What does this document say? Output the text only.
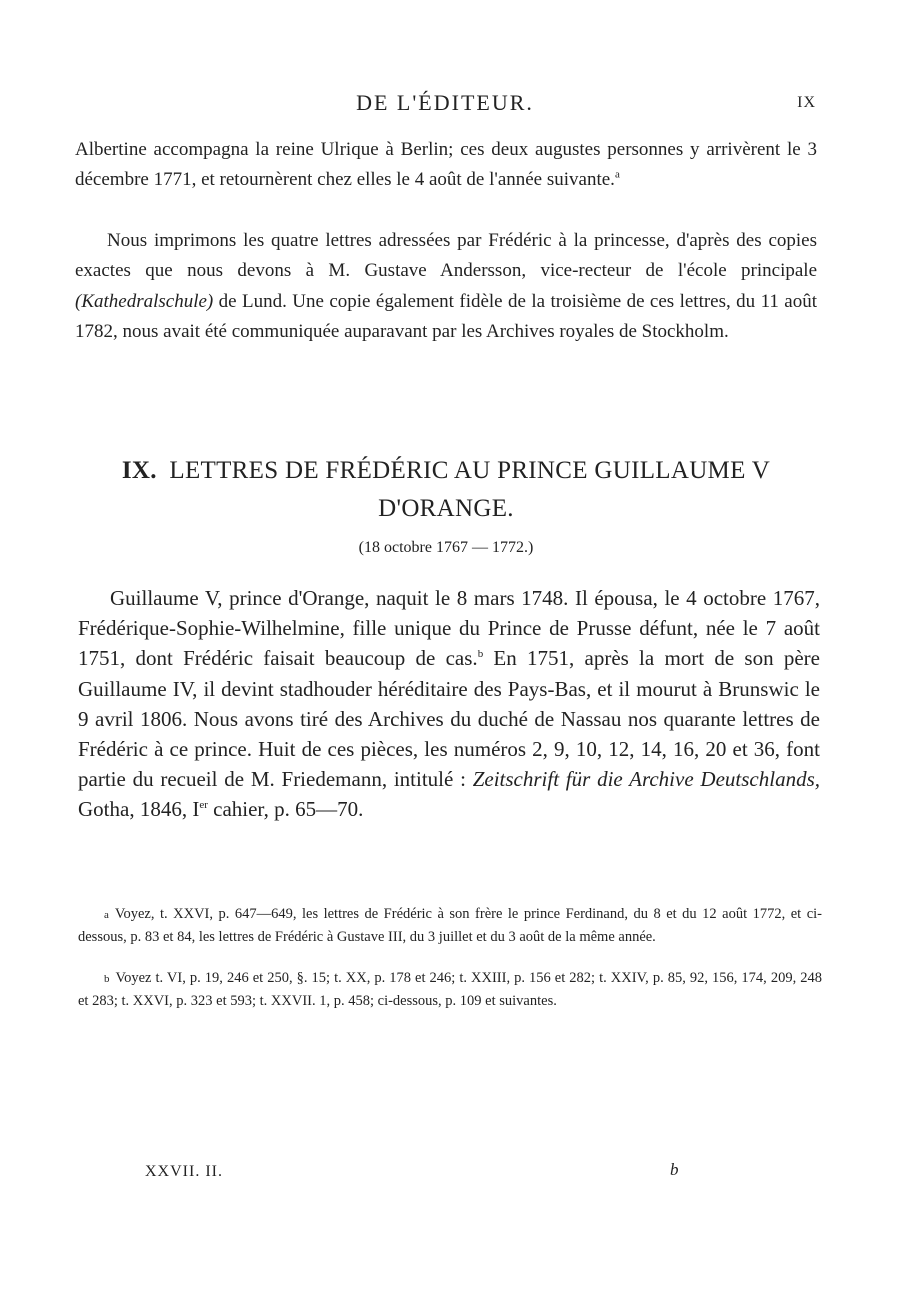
DE L'ÉDITEUR.	IX

Albertine accompagna la reine Ulrique à Berlin; ces deux augustes personnes y arrivèrent le 3 décembre 1771, et retournèrent chez elles le 4 août de l'année suivante.$^a$

Nous imprimons les quatre lettres adressées par Frédéric à la princesse, d'après des copies exactes que nous devons à M. Gustave Andersson, vice-recteur de l'école principale (Kathedralschule) de Lund. Une copie également fidèle de la troisième de ces lettres, du 11 août 1782, nous avait été communiquée auparavant par les Archives royales de Stockholm.

IX. LETTRES DE FRÉDÉRIC AU PRINCE GUILLAUME V D'ORANGE.
(18 octobre 1767 — 1772.)

Guillaume V, prince d'Orange, naquit le 8 mars 1748. Il épousa, le 4 octobre 1767, Frédérique-Sophie-Wilhelmine, fille unique du Prince de Prusse défunt, née le 7 août 1751, dont Frédéric faisait beaucoup de cas.$^b$ En 1751, après la mort de son père Guillaume IV, il devint stadhouder héréditaire des Pays-Bas, et il mourut à Brunswic le 9 avril 1806. Nous avons tiré des Archives du duché de Nassau nos quarante lettres de Frédéric à ce prince. Huit de ces pièces, les numéros 2, 9, 10, 12, 14, 16, 20 et 36, font partie du recueil de M. Friedemann, intitulé : Zeitschrift für die Archive Deutschlands, Gotha, 1846, Ier cahier, p. 65—70.

a Voyez, t. XXVI, p. 647—649, les lettres de Frédéric à son frère le prince Ferdinand, du 8 et du 12 août 1772, et ci-dessous, p. 83 et 84, les lettres de Frédéric à Gustave III, du 3 juillet et du 3 août de la même année.

b Voyez t. VI, p. 19, 246 et 250, §. 15; t. XX, p. 178 et 246; t. XXIII, p. 156 et 282; t. XXIV, p. 85, 92, 156, 174, 209, 248 et 283; t. XXVI, p. 323 et 593; t. XXVII. 1, p. 458; ci-dessous, p. 109 et suivantes.

XXVII. II.	b
